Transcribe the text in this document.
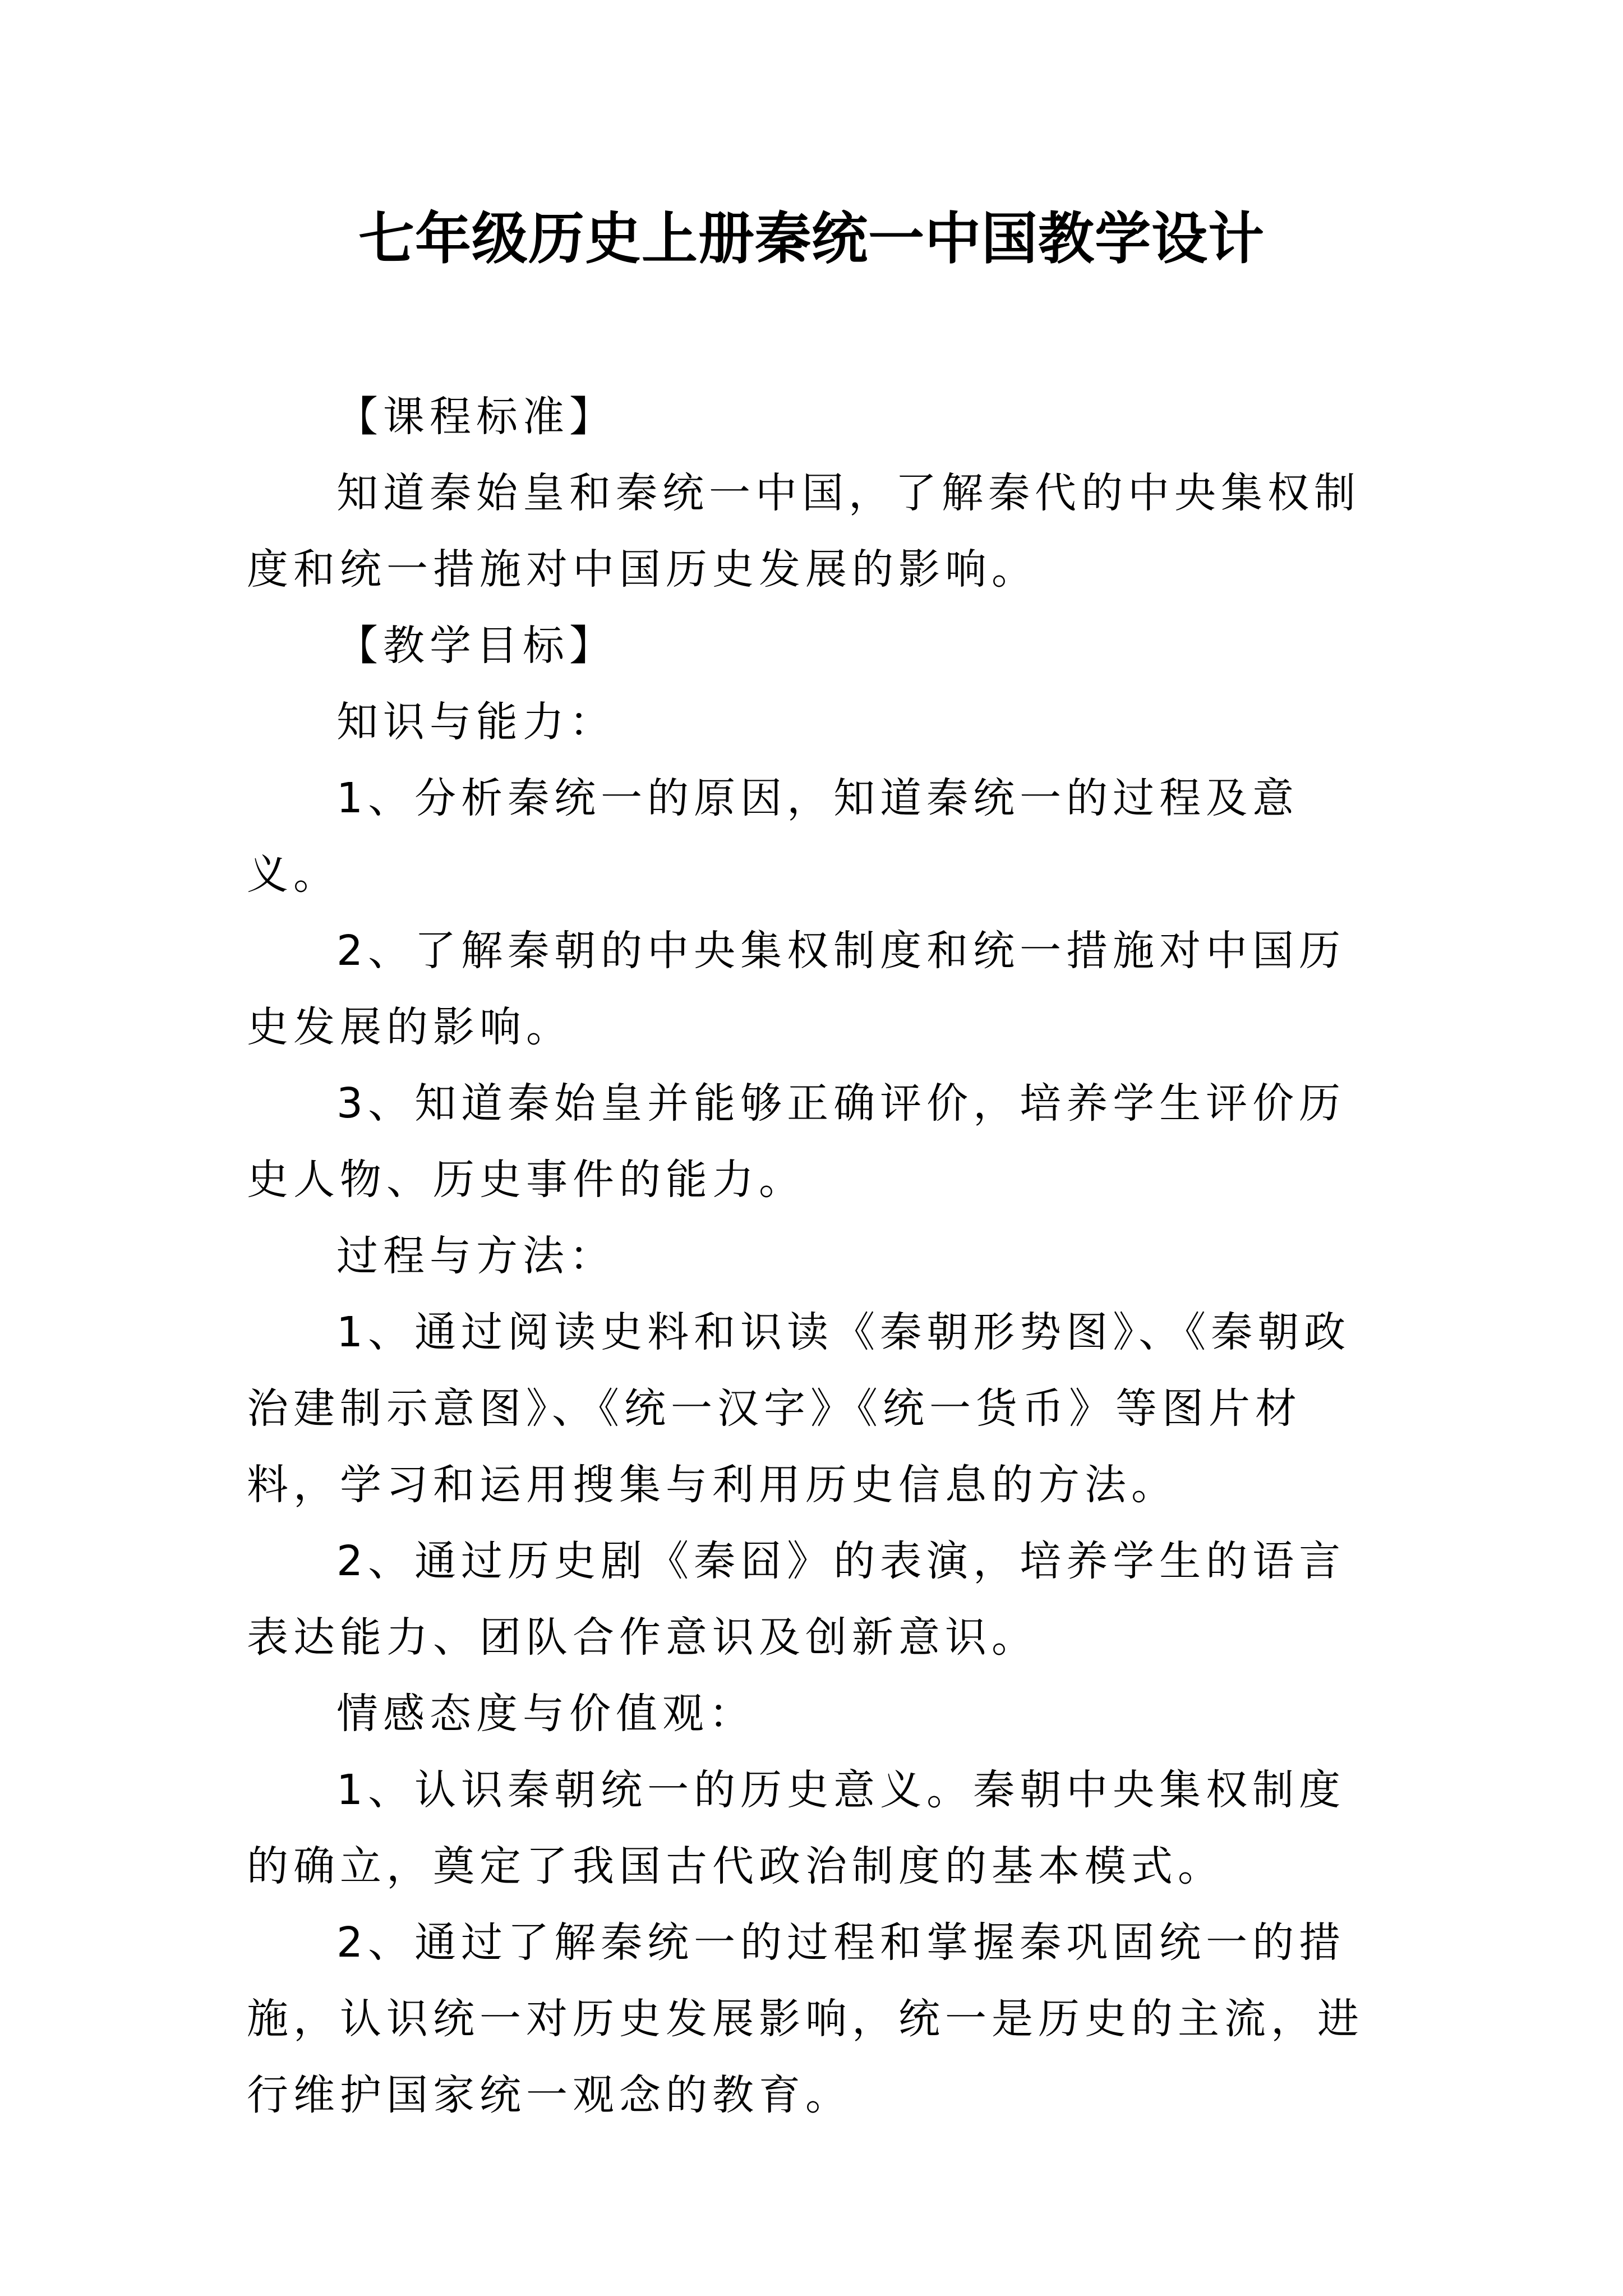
七年级历史上册秦统一中国教学设计

【课程标准】

知道秦始皇和秦统一中国，了解秦代的中央集权制度和统一措施对中国历史发展的影响。

【教学目标】

知识与能力：

1、分析秦统一的原因，知道秦统一的过程及意义。

2、了解秦朝的中央集权制度和统一措施对中国历史发展的影响。

3、知道秦始皇并能够正确评价，培养学生评价历史人物、历史事件的能力。

过程与方法：

1、通过阅读史料和识读《秦朝形势图》、《秦朝政治建制示意图》、《统一汉字》《统一货币》等图片材料，学习和运用搜集与利用历史信息的方法。

2、通过历史剧《秦囧》的表演，培养学生的语言表达能力、团队合作意识及创新意识。

情感态度与价值观：

1、认识秦朝统一的历史意义。秦朝中央集权制度的确立，奠定了我国古代政治制度的基本模式。

2、通过了解秦统一的过程和掌握秦巩固统一的措施，认识统一对历史发展影响，统一是历史的主流，进行维护国家统一观念的教育。
